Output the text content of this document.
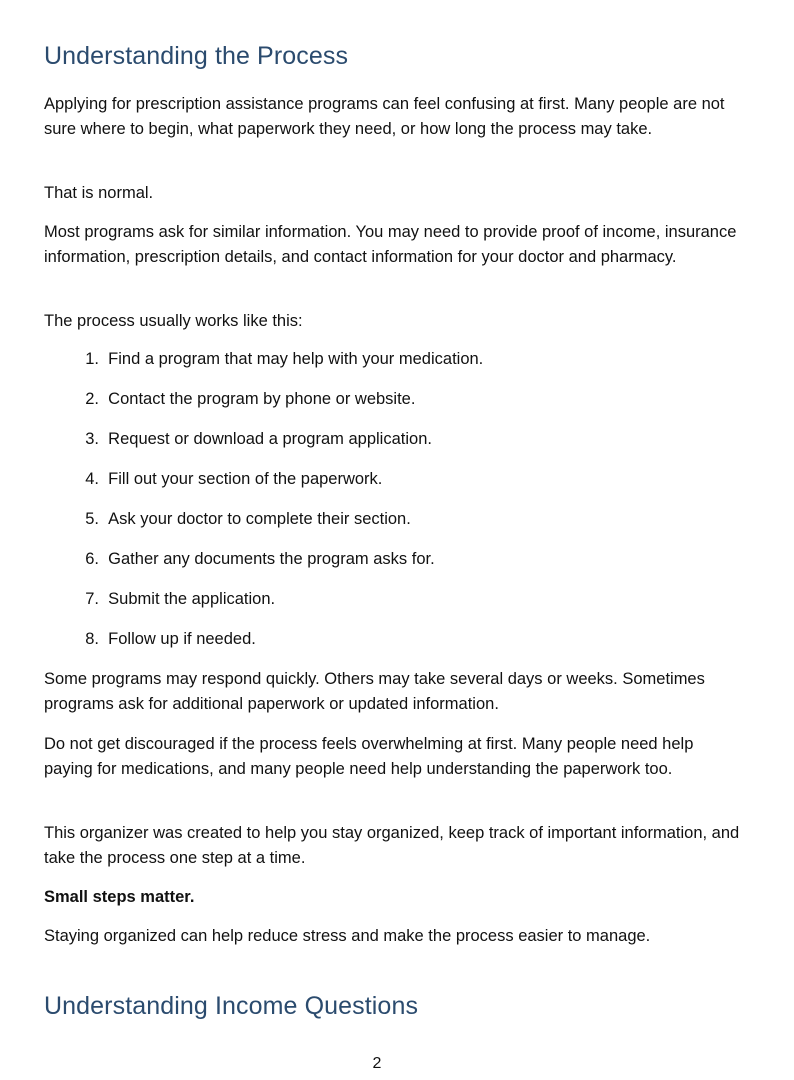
Understanding the Process

Applying for prescription assistance programs can feel confusing at first. Many people are not sure where to begin, what paperwork they need, or how long the process may take.

That is normal.

Most programs ask for similar information. You may need to provide proof of income, insurance information, prescription details, and contact information for your doctor and pharmacy.

The process usually works like this:

1.
Find a program that may help with your medication.
2.
Contact the program by phone or website.
3.
Request or download a program application.
4.
Fill out your section of the paperwork.
5.
Ask your doctor to complete their section.
6.
Gather any documents the program asks for.
7.
Submit the application.
8.
Follow up if needed.

Some programs may respond quickly. Others may take several days or weeks. Sometimes programs ask for additional paperwork or updated information.

Do not get discouraged if the process feels overwhelming at first. Many people need help paying for medications, and many people need help understanding the paperwork too.

This organizer was created to help you stay organized, keep track of important information, and take the process one step at a time.

Small steps matter.

Staying organized can help reduce stress and make the process easier to manage.

Understanding Income Questions
2
